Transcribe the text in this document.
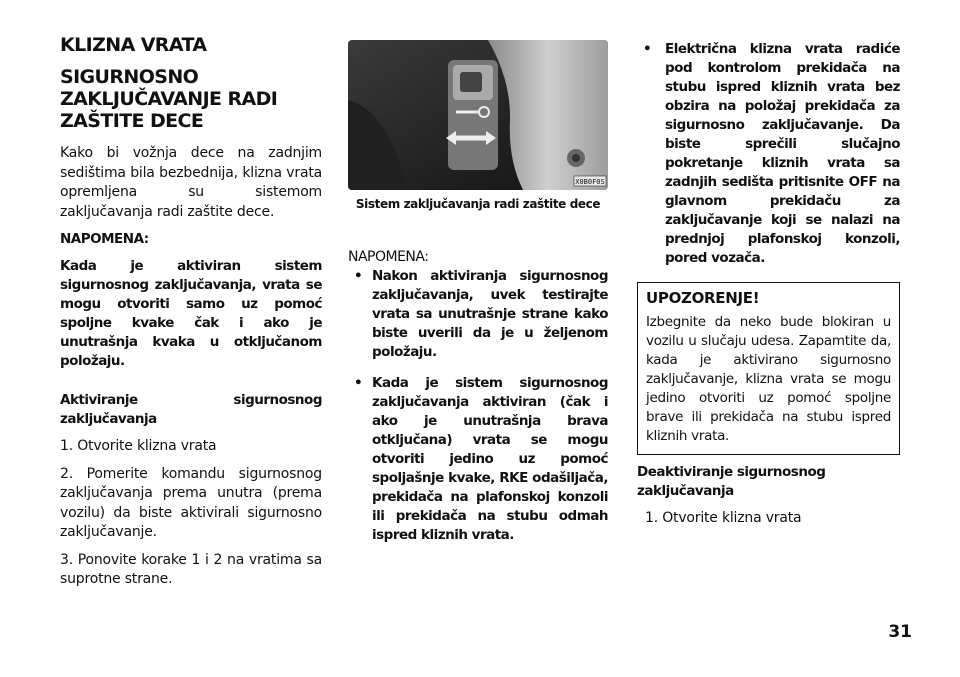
KLIZNA VRATA
SIGURNOSNO
ZAKLJUČAVANJE RADI
ZAŠTITE DECE

Kako bi vožnja dece na zadnjim sedištima bila bezbednija, klizna vrata opremljena su sistemom zaključavanja radi zaštite dece.

NAPOMENA:

Kada je aktiviran sistem sigurnosnog zaključavanja, vrata se mogu otvoriti samo uz pomoć spoljne kvake čak i ako je unutrašnja kvaka u otključanom položaju.

Aktiviranje sigurnosnog zaključavanja

1. Otvorite klizna vrata

2. Pomerite komandu sigurnosnog zaključavanja prema unutra (prema vozilu) da biste aktivirali sigurnosno zaključavanje.

3. Ponovite korake 1 i 2 na vratima sa suprotne strane.

X0B0F0S

Sistem zaključavanja radi zaštite dece

NAPOMENA:

• Nakon aktiviranja sigurnosnog zaključavanja, uvek testirajte vrata sa unutrašnje strane kako biste uverili da je u željenom položaju.
• Kada je sistem sigurnosnog zaključavanja aktiviran (čak i ako je unutrašnja brava otključana) vrata se mogu otvoriti jedino uz pomoć spoljašnje kvake, RKE odašiljača, prekidača na plafonskoj konzoli ili prekidača na stubu odmah ispred kliznih vrata.
• Električna klizna vrata radiće pod kontrolom prekidača na stubu ispred kliznih vrata bez obzira na položaj prekidača za sigurnosno zaključavanje. Da biste sprečili slučajno pokretanje kliznih vrata sa zadnjih sedišta pritisnite OFF na glavnom prekidaču za zaključavanje koji se nalazi na prednjoj plafonskoj konzoli, pored vozača.
UPOZORENJE!
Izbegnite da neko bude blokiran u vozilu u slučaju udesa. Zapamtite da, kada je aktivirano sigurnosno zaključavanje, klizna vrata se mogu jedino otvoriti uz pomoć spoljne brave ili prekidača na stubu ispred kliznih vrata.

Deaktiviranje sigurnosnog zaključavanja

1. Otvorite klizna vrata

31
